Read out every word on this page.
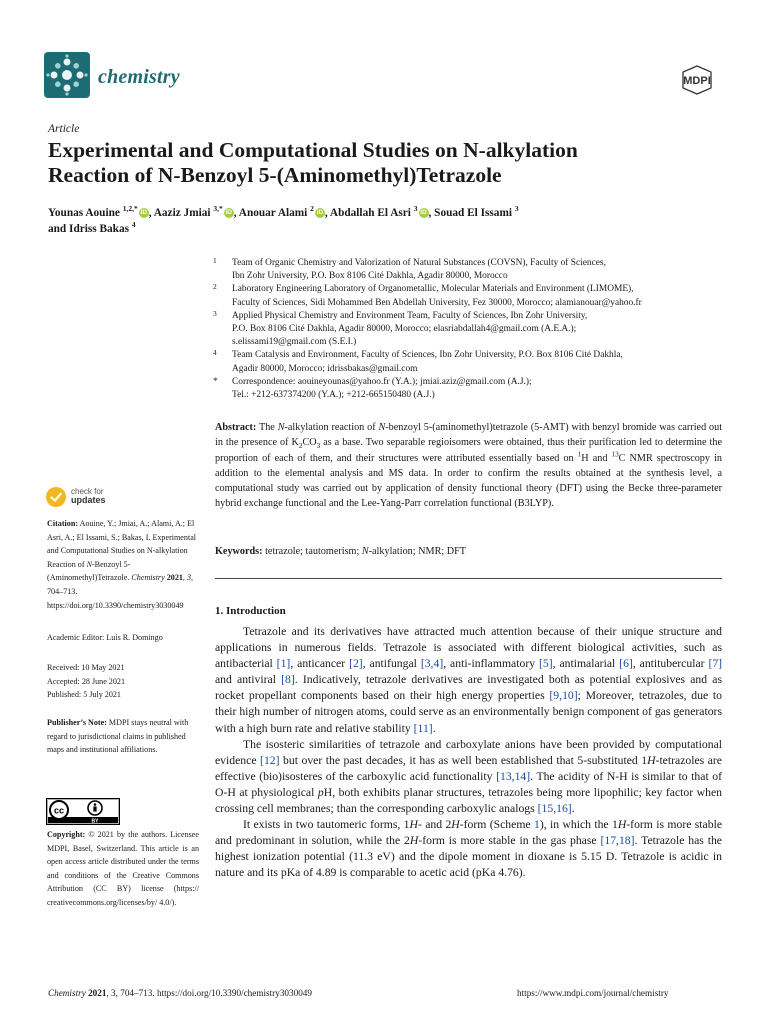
chemistry	MDPI
Article
Experimental and Computational Studies on N-alkylation
Reaction of N-Benzoyl 5-(Aminomethyl)Tetrazole
Younas Aouine $^{1,2,*}$ iD , Aaziz Jmiai $^{3,*}$ iD , Anouar Alami $^2$ iD , Abdallah El Asri $^3$ iD , Souad El Issami $^3$
and Idriss Bakas $^4$
1 Team of Organic Chemistry and Valorization of Natural Substances (COVSN), Faculty of Sciences,
Ibn Zohr University, P.O. Box 8106 Cité Dakhla, Agadir 80000, Morocco
2 Laboratory Engineering Laboratory of Organometallic, Molecular Materials and Environment (LIMOME),
Faculty of Sciences, Sidi Mohammed Ben Abdellah University, Fez 30000, Morocco; alamianouar@yahoo.fr
3 Applied Physical Chemistry and Environment Team, Faculty of Sciences, Ibn Zohr University,
P.O. Box 8106 Cité Dakhla, Agadir 80000, Morocco; elasriabdallah4@gmail.com (A.E.A.);
s.elissami19@gmail.com (S.E.I.)
4 Team Catalysis and Environment, Faculty of Sciences, Ibn Zohr University, P.O. Box 8106 Cité Dakhla,
Agadir 80000, Morocco; idrissbakas@gmail.com
* Correspondence: aouineyounas@yahoo.fr (Y.A.); jmiai.aziz@gmail.com (A.J.);
Tel.: +212-637374200 (Y.A.); +212-665150480 (A.J.)
Abstract: The N-alkylation reaction of N-benzoyl 5-(aminomethyl)tetrazole (5-AMT) with benzyl bromide was carried out in the presence of $K_2CO_3$ as a base. Two separable regioisomers were obtained, thus their purification led to determine the proportion of each of them, and their structures were attributed essentially based on $^1$H and $^{13}$C NMR spectroscopy in addition to the elemental analysis and MS data. In order to confirm the results obtained at the synthesis level, a computational study was carried out by application of density functional theory (DFT) using the Becke three-parameter hybrid exchange functional and the Lee-Yang-Parr correlation functional (B3LYP).
Keywords: tetrazole; tautomerism; N-alkylation; NMR; DFT
1. Introduction

Tetrazole and its derivatives have attracted much attention because of their unique structure and applications in numerous fields. Tetrazole is associated with different biological activities, such as antibacterial [1], anticancer [2], antifungal [3,4], anti-inflammatory [5], antimalarial [6], antitubercular [7] and antiviral [8]. Indicatively, tetrazole derivatives are investigated both as potential explosives and as rocket propellant components based on their high energy properties [9,10]; Moreover, tetrazoles, due to their high number of nitrogen atoms, could serve as an environmentally benign component of gas generators with a high burn rate and relative stability [11].

The isosteric similarities of tetrazole and carboxylate anions have been provided by computational evidence [12] but over the past decades, it has as well been established that 5-substituted 1H-tetrazoles are effective (bio)isosteres of the carboxylic acid functionality [13,14]. The acidity of N-H is similar to that of O-H at physiological pH, both exhibits planar structures, tetrazoles being more lipophilic; key factor when crossing cell membranes; than the corresponding carboxylic analogs [15,16].

It exists in two tautomeric forms, 1H- and 2H-form (Scheme 1), in which the 1H-form is more stable and predominant in solution, while the 2H-form is more stable in the gas phase [17,18]. Tetrazole has the highest ionization potential (11.3 eV) and the dipole moment in dioxane is 5.15 D. Tetrazole is acidic in nature and its pKa of 4.89 is comparable to acetic acid (pKa 4.76).

check for
updates
Citation: Aouine, Y.; Jmiai, A.; Alami, A.; El Asri, A.; El Issami, S.; Bakas, I. Experimental and Computational Studies on N-alkylation Reaction of N-Benzoyl 5-(Aminomethyl)Tetrazole. Chemistry 2021, 3, 704–713. https://doi.org/10.3390/chemistry3030049
Academic Editor: Luis R. Domingo
Received: 10 May 2021
Accepted: 28 June 2021
Published: 5 July 2021
Publisher’s Note: MDPI stays neutral with regard to jurisdictional claims in published maps and institutional affiliations.
cc
BY
Copyright: © 2021 by the authors. Licensee MDPI, Basel, Switzerland. This article is an open access article distributed under the terms and conditions of the Creative Commons Attribution (CC BY) license (https:// creativecommons.org/licenses/by/ 4.0/).
Chemistry 2021, 3, 704–713. https://doi.org/10.3390/chemistry3030049	https://www.mdpi.com/journal/chemistry
